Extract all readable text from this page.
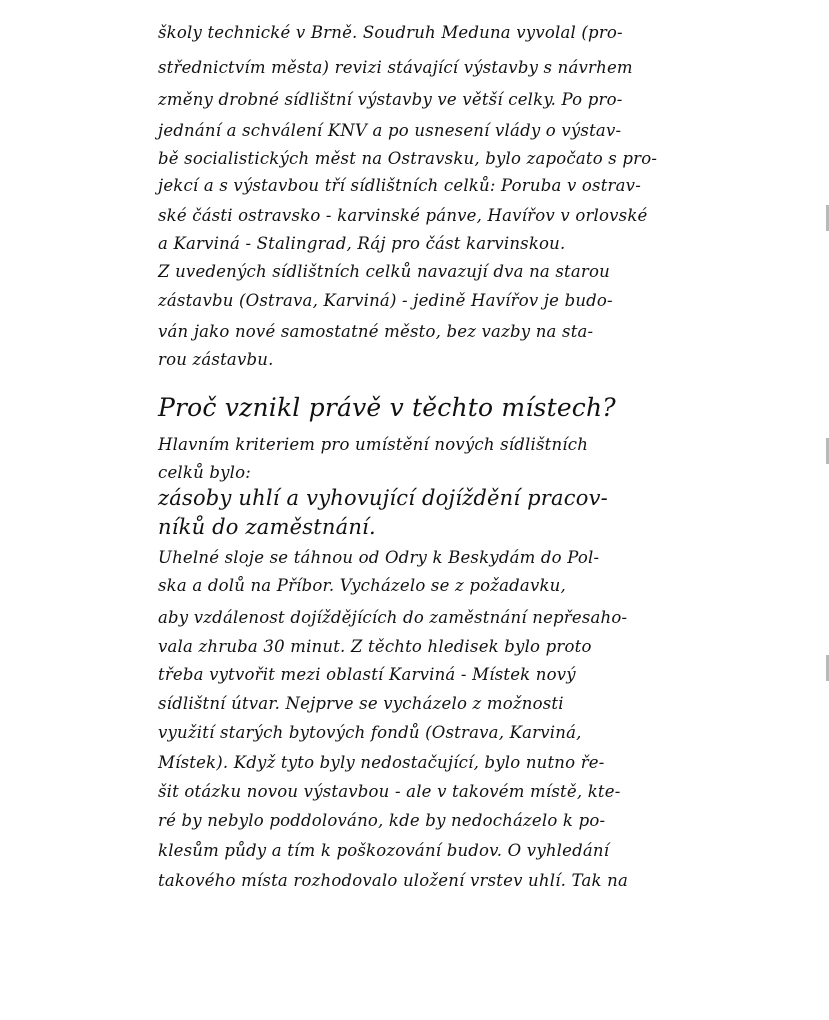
školy technické v Brně. Soudruh Meduna vyvolal (pro-
střednictvím města) revizi stávající výstavby s návrhem
změny drobné sídlištní výstavby ve větší celky. Po pro-
jednání a schválení KNV a po usnesení vlády o výstav-
bě socialistických měst na Ostravsku, bylo započato s pro-
jekcí a s výstavbou tří sídlištních celků: Poruba v ostrav-
ské části ostravsko - karvinské pánve, Havířov v orlovské
a Karviná - Stalingrad, Ráj pro část karvinskou.
Z uvedených sídlištních celků navazují dva na starou
zástavbu (Ostrava, Karviná) - jedině Havířov je budo-
ván jako nové samostatné město, bez vazby na sta-
rou zástavbu.
Proč vznikl právě v těchto místech?
Hlavním kriteriem pro umístění nových sídlištních
celků bylo:
zásoby uhlí a vyhovující dojíždění pracov-
níků do zaměstnání.
Uhelné sloje se táhnou od Odry k Beskydám do Pol-
ska a dolů na Příbor. Vycházelo se z požadavku,
aby vzdálenost dojíždějících do zaměstnání nepřesaho-
vala zhruba 30 minut. Z těchto hledisek bylo proto
třeba vytvořit mezi oblastí Karviná - Místek nový
sídlištní útvar. Nejprve se vycházelo z možnosti
využití starých bytových fondů (Ostrava, Karviná,
Místek). Když tyto byly nedostačující, bylo nutno ře-
šit otázku novou výstavbou - ale v takovém místě, kte-
ré by nebylo poddolováno, kde by nedocházelo k po-
klesům půdy a tím k poškozování budov. O vyhledání
takového místa rozhodovalo uložení vrstev uhlí. Tak na
